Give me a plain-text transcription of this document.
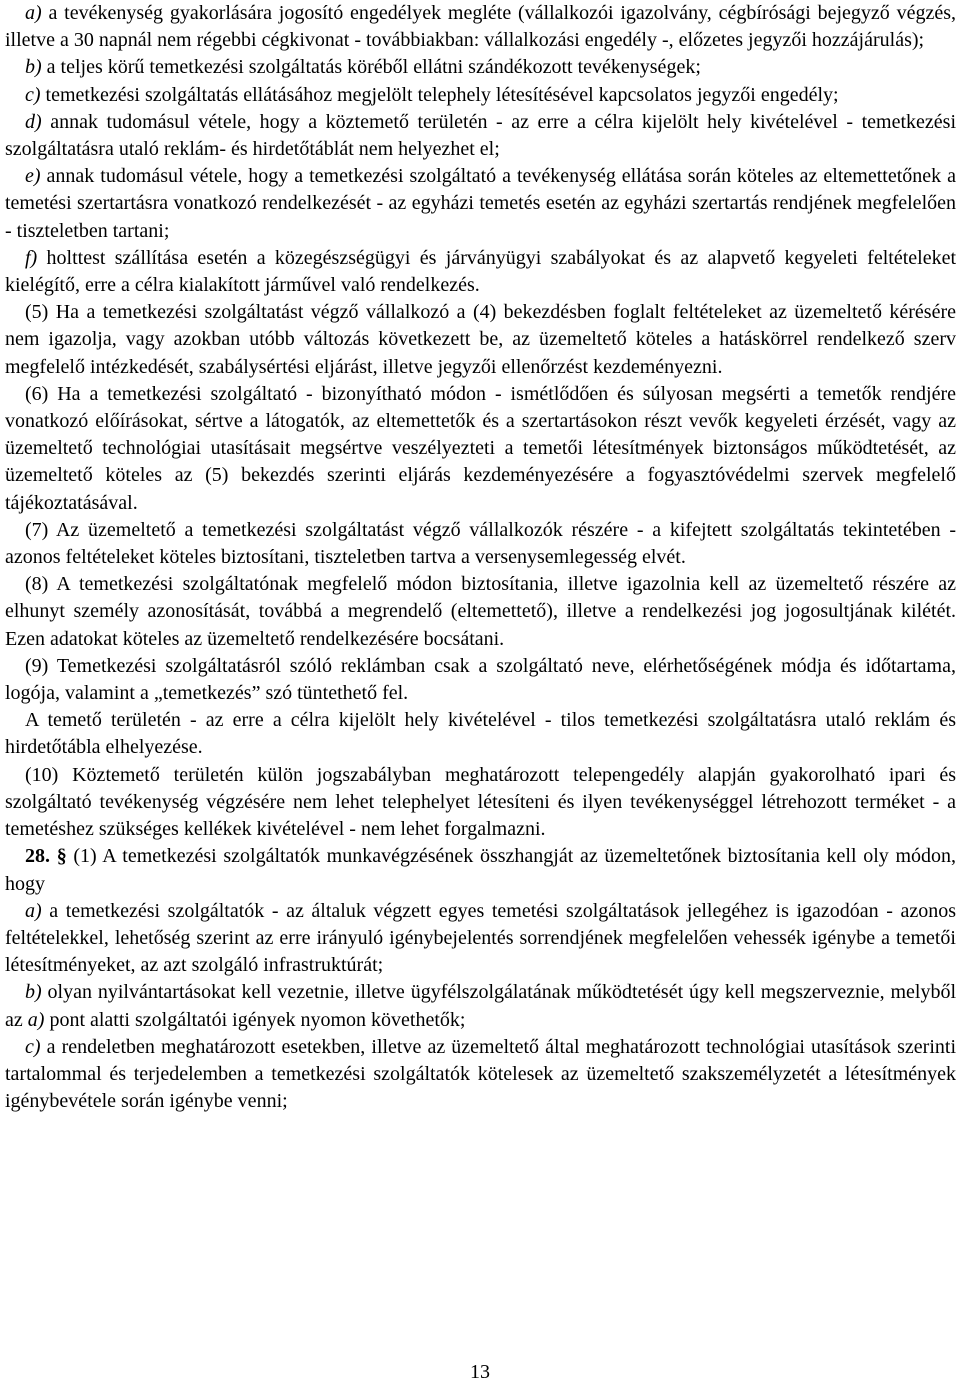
a) a tevékenység gyakorlására jogosító engedélyek megléte (vállalkozói igazolvány, cégbírósági bejegyző végzés, illetve a 30 napnál nem régebbi cégkivonat - továbbiakban: vállalkozási engedély -, előzetes jegyzői hozzájárulás);

b) a teljes körű temetkezési szolgáltatás köréből ellátni szándékozott tevékenységek;

c) temetkezési szolgáltatás ellátásához megjelölt telephely létesítésével kapcsolatos jegyzői engedély;

d) annak tudomásul vétele, hogy a köztemető területén - az erre a célra kijelölt hely kivételével - temetkezési szolgáltatásra utaló reklám- és hirdetőtáblát nem helyezhet el;

e) annak tudomásul vétele, hogy a temetkezési szolgáltató a tevékenység ellátása során köteles az eltemettetőnek a temetési szertartásra vonatkozó rendelkezését - az egyházi temetés esetén az egyházi szertartás rendjének megfelelően - tiszteletben tartani;

f) holttest szállítása esetén a közegészségügyi és járványügyi szabályokat és az alapvető kegyeleti feltételeket kielégítő, erre a célra kialakított járművel való rendelkezés.

(5) Ha a temetkezési szolgáltatást végző vállalkozó a (4) bekezdésben foglalt feltételeket az üzemeltető kérésére nem igazolja, vagy azokban utóbb változás következett be, az üzemeltető köteles a hatáskörrel rendelkező szerv megfelelő intézkedését, szabálysértési eljárást, illetve jegyzői ellenőrzést kezdeményezni.

(6) Ha a temetkezési szolgáltató - bizonyítható módon - ismétlődően és súlyosan megsérti a temetők rendjére vonatkozó előírásokat, sértve a látogatók, az eltemettetők és a szertartásokon részt vevők kegyeleti érzését, vagy az üzemeltető technológiai utasításait megsértve veszélyezteti a temetői létesítmények biztonságos működtetését, az üzemeltető köteles az (5) bekezdés szerinti eljárás kezdeményezésére a fogyasztóvédelmi szervek megfelelő tájékoztatásával.

(7) Az üzemeltető a temetkezési szolgáltatást végző vállalkozók részére - a kifejtett szolgáltatás tekintetében - azonos feltételeket köteles biztosítani, tiszteletben tartva a versenysemlegesség elvét.

(8) A temetkezési szolgáltatónak megfelelő módon biztosítania, illetve igazolnia kell az üzemeltető részére az elhunyt személy azonosítását, továbbá a megrendelő (eltemettető), illetve a rendelkezési jog jogosultjának kilétét. Ezen adatokat köteles az üzemeltető rendelkezésére bocsátani.

(9) Temetkezési szolgáltatásról szóló reklámban csak a szolgáltató neve, elérhetőségének módja és időtartama, logója, valamint a „temetkezés” szó tüntethető fel.

A temető területén - az erre a célra kijelölt hely kivételével - tilos temetkezési szolgáltatásra utaló reklám és hirdetőtábla elhelyezése.

(10) Köztemető területén külön jogszabályban meghatározott telepengedély alapján gyakorolható ipari és szolgáltató tevékenység végzésére nem lehet telephelyet létesíteni és ilyen tevékenységgel létrehozott terméket - a temetéshez szükséges kellékek kivételével - nem lehet forgalmazni.

28. § (1) A temetkezési szolgáltatók munkavégzésének összhangját az üzemeltetőnek biztosítania kell oly módon, hogy

a) a temetkezési szolgáltatók - az általuk végzett egyes temetési szolgáltatások jellegéhez is igazodóan - azonos feltételekkel, lehetőség szerint az erre irányuló igénybejelentés sorrendjének megfelelően vehessék igénybe a temetői létesítményeket, az azt szolgáló infrastruktúrát;

b) olyan nyilvántartásokat kell vezetnie, illetve ügyfélszolgálatának működtetését úgy kell megszerveznie, melyből az a) pont alatti szolgáltatói igények nyomon követhetők;

c) a rendeletben meghatározott esetekben, illetve az üzemeltető által meghatározott technológiai utasítások szerinti tartalommal és terjedelemben a temetkezési szolgáltatók kötelesek az üzemeltető szakszemélyzetét a létesítmények igénybevétele során igénybe venni;

13
